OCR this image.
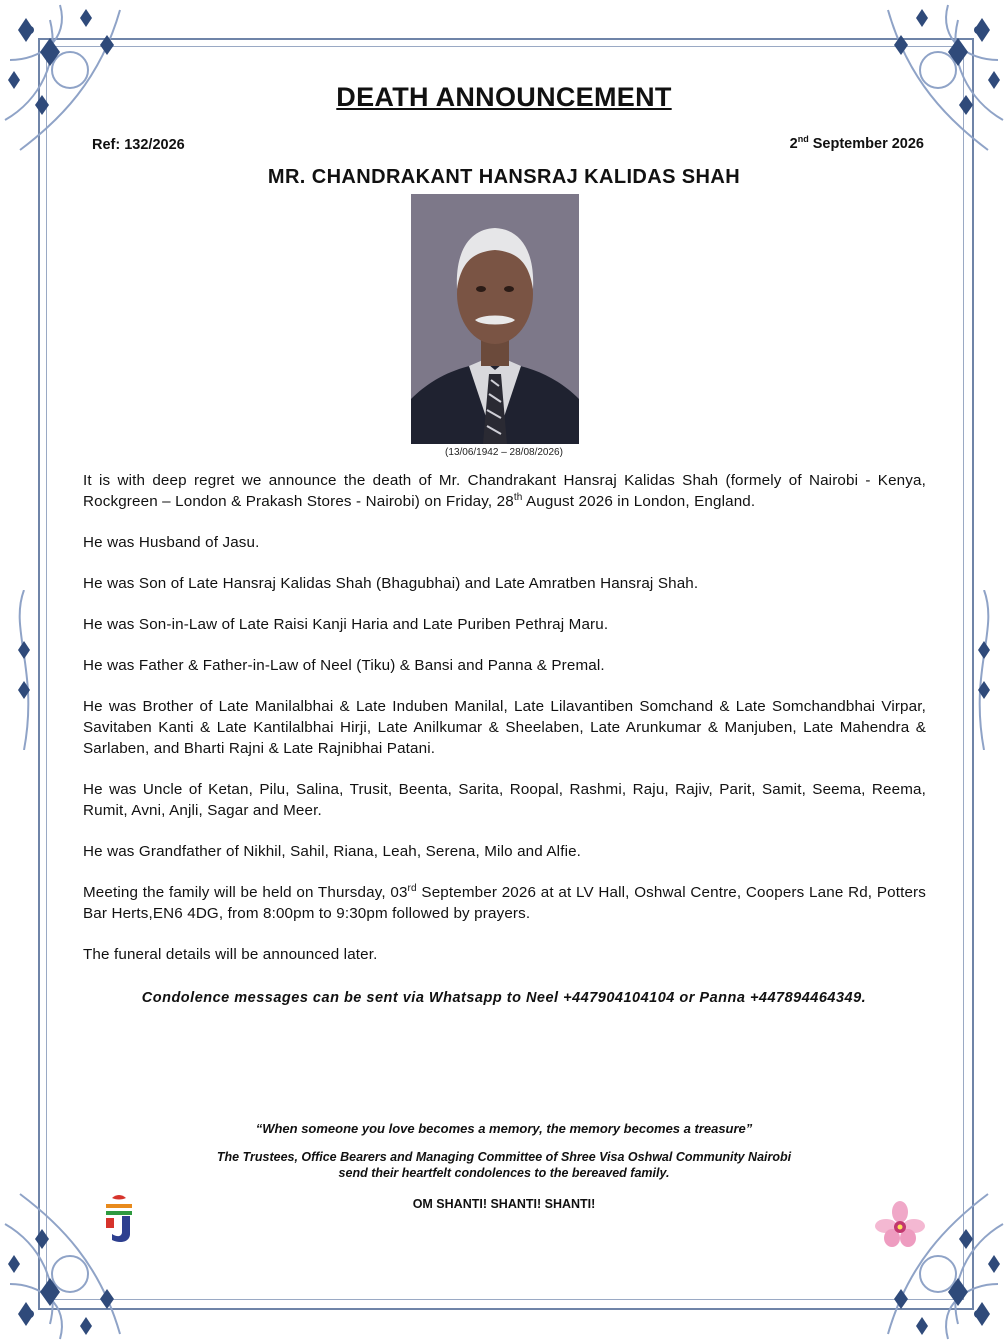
DEATH ANNOUNCEMENT
Ref: 132/2026	2nd September 2026
MR. CHANDRAKANT HANSRAJ KALIDAS SHAH
(13/06/1942 – 28/08/2026)

It is with deep regret we announce the death of Mr. Chandrakant Hansraj Kalidas Shah (formely of Nairobi - Kenya, Rockgreen – London & Prakash Stores - Nairobi) on Friday, 28th August 2026 in London, England.

He was Husband of Jasu.

He was Son of Late Hansraj Kalidas Shah (Bhagubhai) and Late Amratben Hansraj Shah.

He was Son-in-Law of Late Raisi Kanji Haria and Late Puriben Pethraj Maru.

He was Father & Father-in-Law of Neel (Tiku) & Bansi and Panna & Premal.

He was Brother of Late Manilalbhai & Late Induben Manilal, Late Lilavantiben Somchand & Late Somchandbhai Virpar, Savitaben Kanti & Late Kantilalbhai Hirji, Late Anilkumar & Sheelaben, Late Arunkumar & Manjuben, Late Mahendra & Sarlaben, and Bharti Rajni & Late Rajnibhai Patani.

He was Uncle of Ketan, Pilu, Salina, Trusit, Beenta, Sarita, Roopal, Rashmi, Raju, Rajiv, Parit, Samit, Seema, Reema, Rumit, Avni, Anjli, Sagar and Meer.

He was Grandfather of Nikhil, Sahil, Riana, Leah, Serena, Milo and Alfie.

Meeting the family will be held on Thursday, 03rd September 2026 at at LV Hall, Oshwal Centre, Coopers Lane Rd, Potters Bar Herts,EN6 4DG, from 8:00pm to 9:30pm followed by prayers.

The funeral details will be announced later.

Condolence messages can be sent via Whatsapp to Neel +447904104104 or Panna +447894464349.
“When someone you love becomes a memory, the memory becomes a treasure”
The Trustees, Office Bearers and Managing Committee of Shree Visa Oshwal Community Nairobi
send their heartfelt condolences to the bereaved family.
OM SHANTI! SHANTI! SHANTI!
